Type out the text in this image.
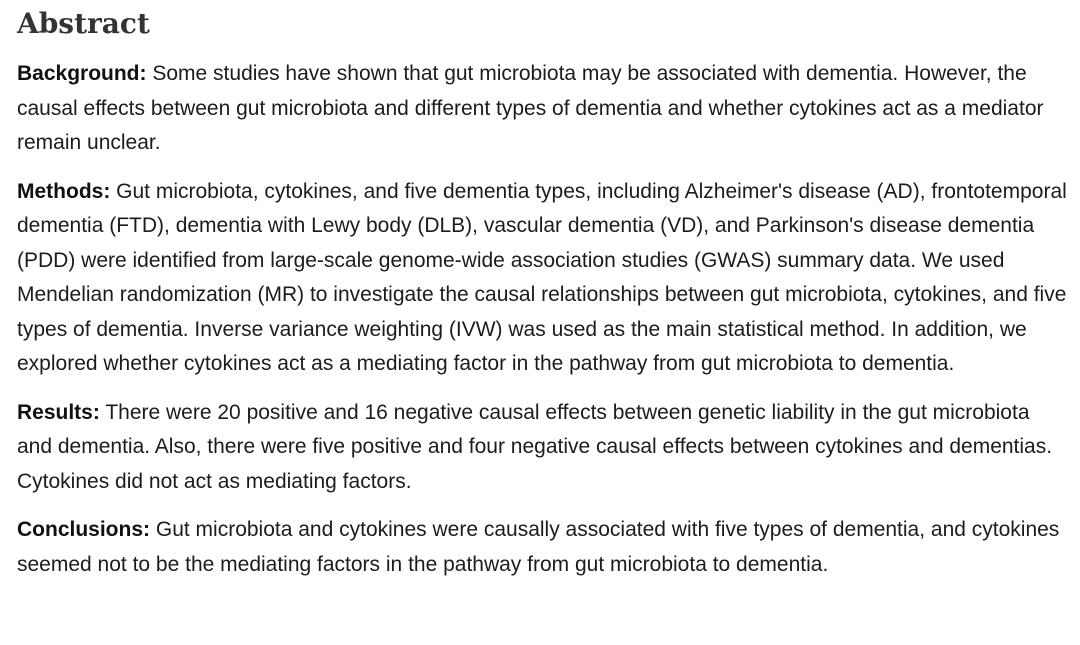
Abstract

Background: Some studies have shown that gut microbiota may be associated with dementia. However, the causal effects between gut microbiota and different types of dementia and whether cytokines act as a mediator remain unclear.

Methods: Gut microbiota, cytokines, and five dementia types, including Alzheimer's disease (AD), frontotemporal dementia (FTD), dementia with Lewy body (DLB), vascular dementia (VD), and Parkinson's disease dementia (PDD) were identified from large-scale genome-wide association studies (GWAS) summary data. We used Mendelian randomization (MR) to investigate the causal relationships between gut microbiota, cytokines, and five types of dementia. Inverse variance weighting (IVW) was used as the main statistical method. In addition, we explored whether cytokines act as a mediating factor in the pathway from gut microbiota to dementia.

Results: There were 20 positive and 16 negative causal effects between genetic liability in the gut microbiota and dementia. Also, there were five positive and four negative causal effects between cytokines and dementias. Cytokines did not act as mediating factors.

Conclusions: Gut microbiota and cytokines were causally associated with five types of dementia, and cytokines seemed not to be the mediating factors in the pathway from gut microbiota to dementia.
